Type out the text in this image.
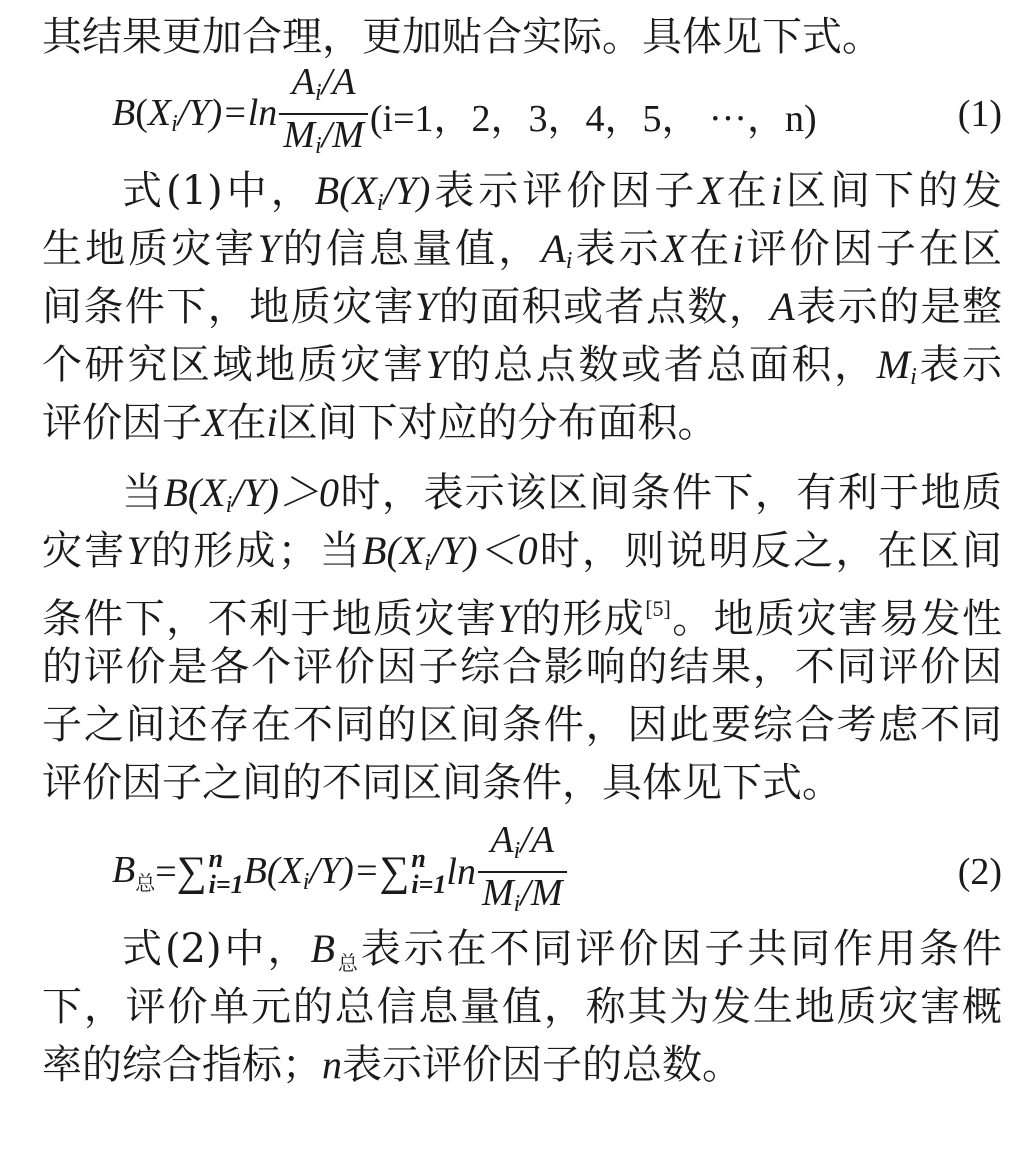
其结果更加合理，更加贴合实际。具体见下式。
$B(X_i/Y)=\ln \frac{A_i/A}{M_i/M} (i=1$，2，3，4，5， ···，n)	(1)
式(1)中，$B(X_i/Y)$表示评价因子X在i区间下的发
生地质灾害Y的信息量值，$A_i$表示X在i评价因子在区
间条件下，地质灾害Y的面积或者点数，A表示的是整
个研究区域地质灾害Y的总点数或者总面积，$M_i$表示
评价因子X在i区间下对应的分布面积。
当$B(X_i/Y)>0$时，表示该区间条件下，有利于地质
灾害Y的形成；当$B(X_i/Y)<0$时，则说明反之，在区间
条件下，不利于地质灾害Y的形成[5]。地质灾害易发性
的评价是各个评价因子综合影响的结果，不同评价因
子之间还存在不同的区间条件，因此要综合考虑不同
评价因子之间的不同区间条件，具体见下式。
$B_总$ = ∑ n
i=1 $B(X_i/Y)=$ ∑ n
i=1 $\ln \frac{A_i/A}{M_i/M}$	(2)
式(2)中，$B_总$表示在不同评价因子共同作用条件
下，评价单元的总信息量值，称其为发生地质灾害概
率的综合指标；n表示评价因子的总数。
